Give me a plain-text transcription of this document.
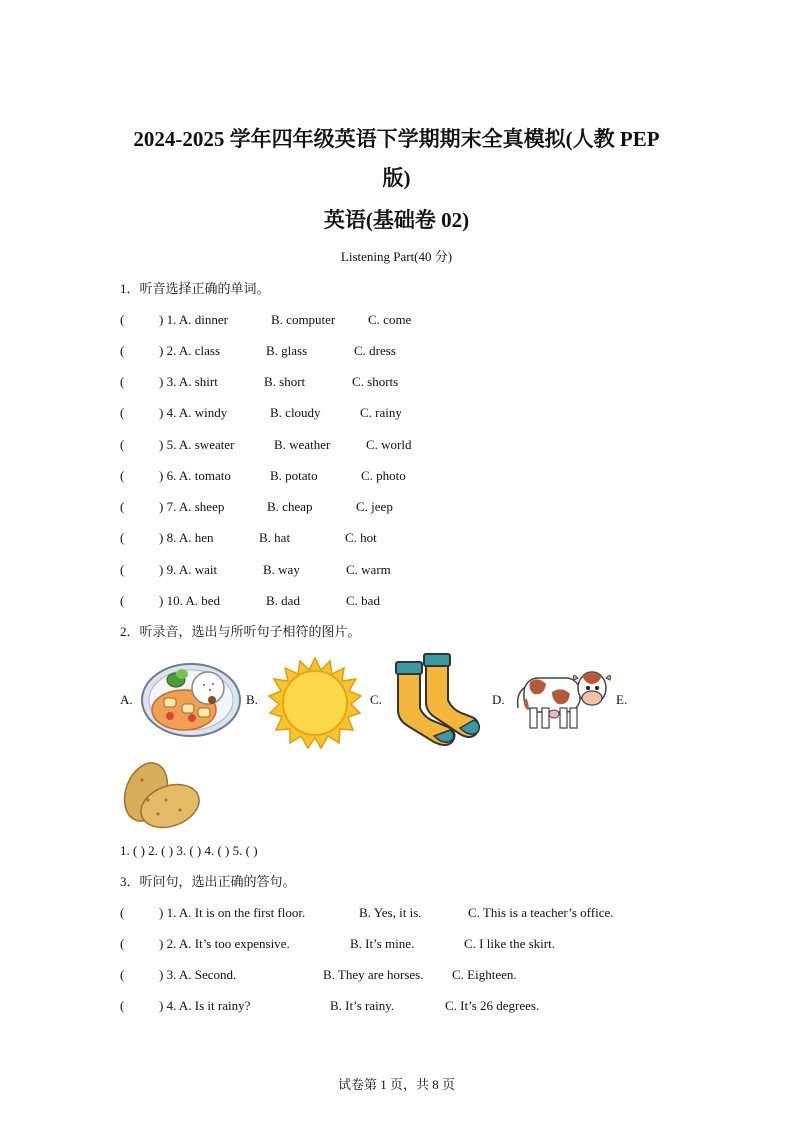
2024-2025 学年四年级英语下学期期末全真模拟(人教 PEP
版)
英语(基础卷 02)
Listening Part(40 分)
1．听音选择正确的单词。
(	) 1. A. dinner	B. computer	C. come
(	) 2. A. class	B. glass	C. dress
(	) 3. A. shirt	B. short	C. shorts
(	) 4. A. windy	B. cloudy	C. rainy
(	) 5. A. sweater	B. weather	C. world
(	) 6. A. tomato	B. potato	C. photo
(	) 7. A. sheep	B. cheap	C. jeep
(	) 8. A. hen	B. hat	C. hot
(	) 9. A. wait	B. way	C. warm
(	) 10. A. bed	B. dad	C. bad
2．听录音，选出与所听句子相符的图片。
A.	B.	C.	D.	E.
1. ( ) 2. ( ) 3. ( ) 4. ( ) 5. ( )
3．听问句，选出正确的答句。
(	) 1. A. It is on the first floor.	B. Yes, it is.	C. This is a teacher’s office.
(	) 2. A. It’s too expensive.	B. It’s mine.	C. I like the skirt.
(	) 3. A. Second.	B. They are horses. C. Eighteen.
(	) 4. A. Is it rainy?	B. It’s rainy.	C. It’s 26 degrees.
试卷第 1 页，共 8 页
